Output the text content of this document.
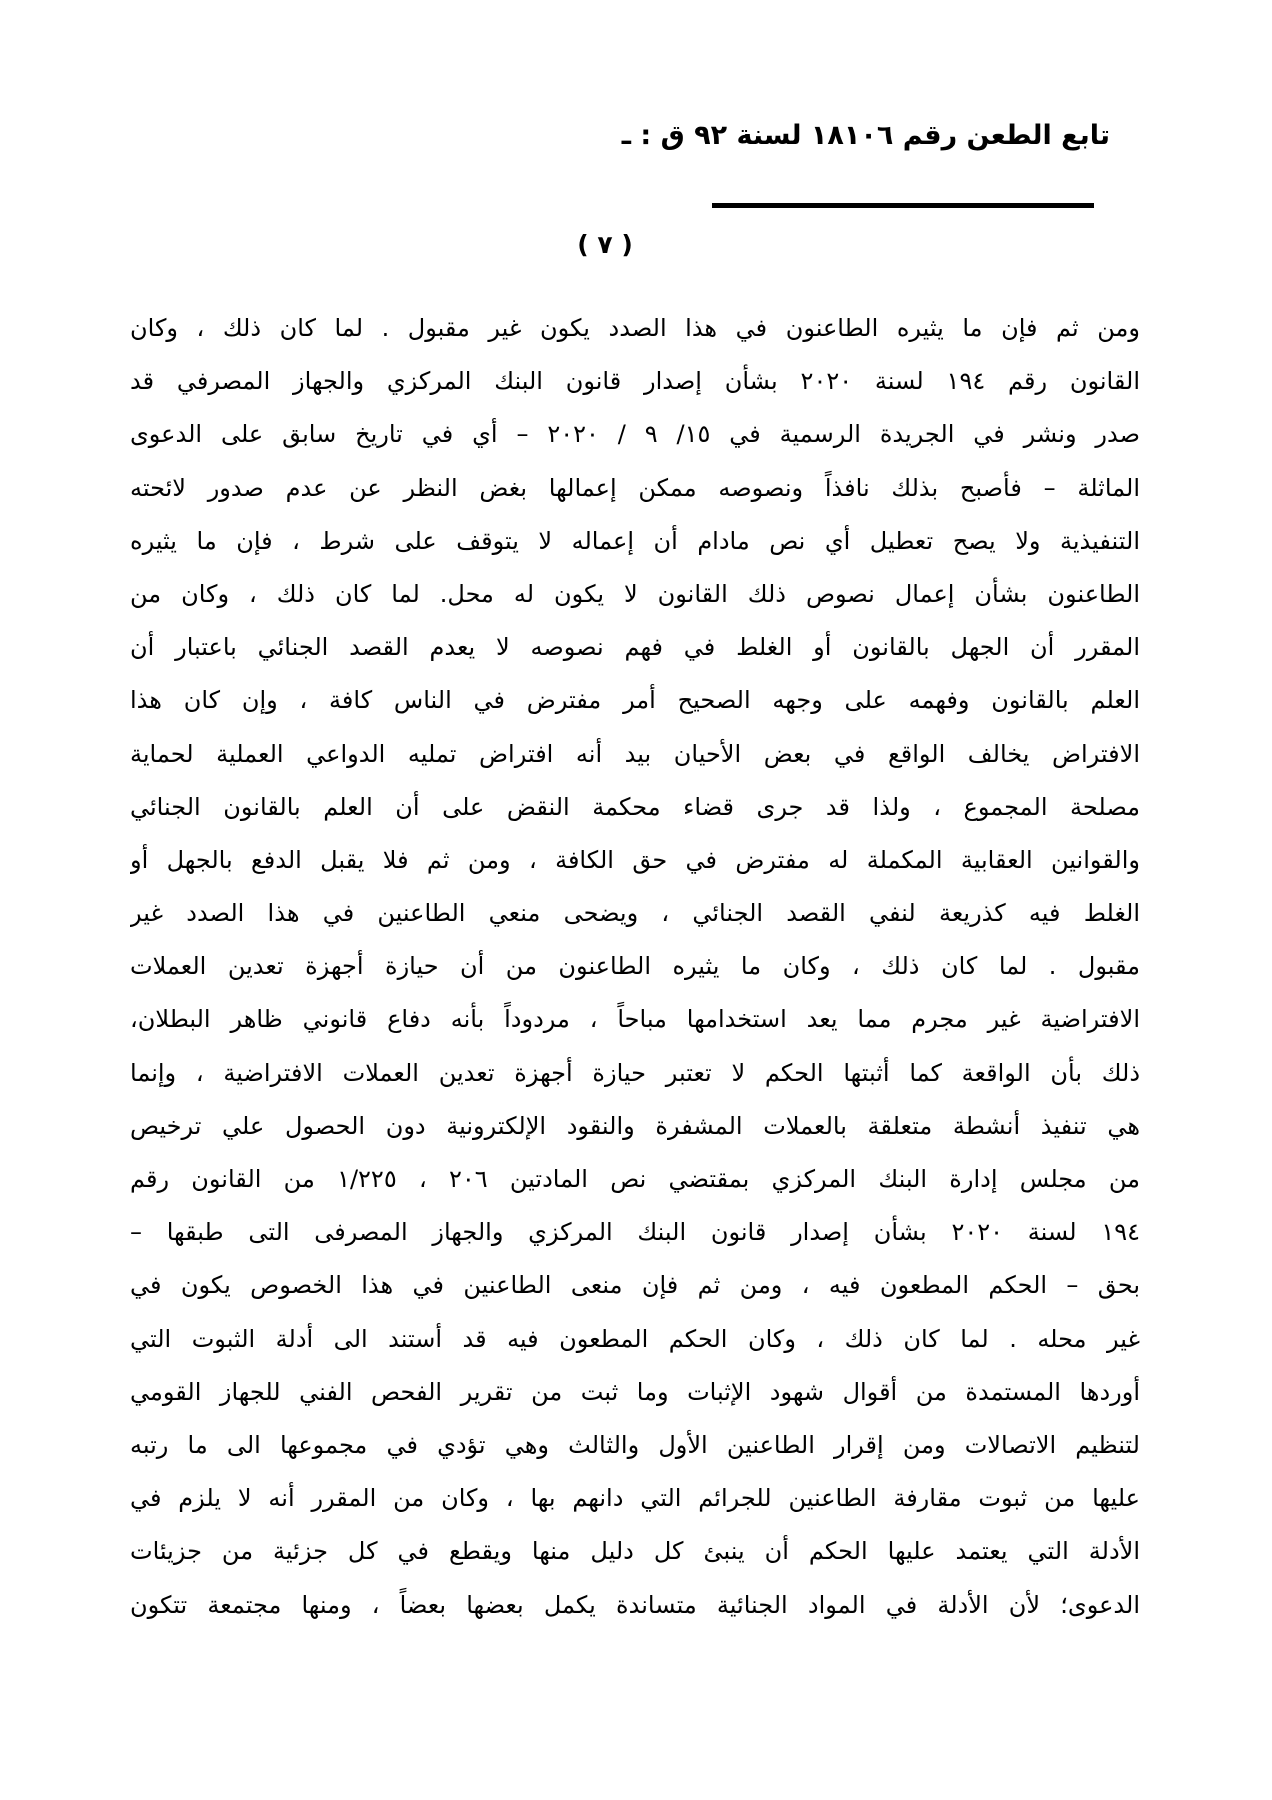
تابع الطعن رقم ١٨١٠٦ لسنة ٩٢ ق : ـ
( ٧ )
ومن ثم فإن ما يثيره الطاعنون في هذا الصدد يكون غير مقبول . لما كان ذلك ، وكان
القانون رقم ١٩٤ لسنة ٢٠٢٠ بشأن إصدار قانون البنك المركزي والجهاز المصرفي قد
صدر ونشر في الجريدة الرسمية في ١٥/ ٩ / ٢٠٢٠ – أي في تاريخ سابق على الدعوى
الماثلة – فأصبح بذلك نافذاً ونصوصه ممكن إعمالها بغض النظر عن عدم صدور لائحته
التنفيذية ولا يصح تعطيل أي نص مادام أن إعماله لا يتوقف على شرط ، فإن ما يثيره
الطاعنون بشأن إعمال نصوص ذلك القانون لا يكون له محل. لما كان ذلك ، وكان من
المقرر أن الجهل بالقانون أو الغلط في فهم نصوصه لا يعدم القصد الجنائي باعتبار أن
العلم بالقانون وفهمه على وجهه الصحيح أمر مفترض في الناس كافة ، وإن كان هذا
الافتراض يخالف الواقع في بعض الأحيان بيد أنه افتراض تمليه الدواعي العملية لحماية
مصلحة المجموع ، ولذا قد جرى قضاء محكمة النقض على أن العلم بالقانون الجنائي
والقوانين العقابية المكملة له مفترض في حق الكافة ، ومن ثم فلا يقبل الدفع بالجهل أو
الغلط فيه كذريعة لنفي القصد الجنائي ، ويضحى منعي الطاعنين في هذا الصدد غير
مقبول . لما كان ذلك ، وكان ما يثيره الطاعنون من أن حيازة أجهزة تعدين العملات
الافتراضية غير مجرم مما يعد استخدامها مباحاً ، مردوداً بأنه دفاع قانوني ظاهر البطلان،
ذلك بأن الواقعة كما أثبتها الحكم لا تعتبر حيازة أجهزة تعدين العملات الافتراضية ، وإنما
هي تنفيذ أنشطة متعلقة بالعملات المشفرة والنقود الإلكترونية دون الحصول علي ترخيص
من مجلس إدارة البنك المركزي بمقتضي نص المادتين ٢٠٦ ، ١/٢٢٥ من القانون رقم
١٩٤ لسنة ٢٠٢٠ بشأن إصدار قانون البنك المركزي والجهاز المصرفى التى طبقها –
بحق – الحكم المطعون فيه ، ومن ثم فإن منعى الطاعنين في هذا الخصوص يكون في
غير محله . لما كان ذلك ، وكان الحكم المطعون فيه قد أستند الى أدلة الثبوت التي
أوردها المستمدة من أقوال شهود الإثبات وما ثبت من تقرير الفحص الفني للجهاز القومي
لتنظيم الاتصالات ومن إقرار الطاعنين الأول والثالث وهي تؤدي في مجموعها الى ما رتبه
عليها من ثبوت مقارفة الطاعنين للجرائم التي دانهم بها ، وكان من المقرر أنه لا يلزم في
الأدلة التي يعتمد عليها الحكم أن ينبئ كل دليل منها ويقطع في كل جزئية من جزيئات
الدعوى؛ لأن الأدلة في المواد الجنائية متساندة يكمل بعضها بعضاً ، ومنها مجتمعة تتكون
